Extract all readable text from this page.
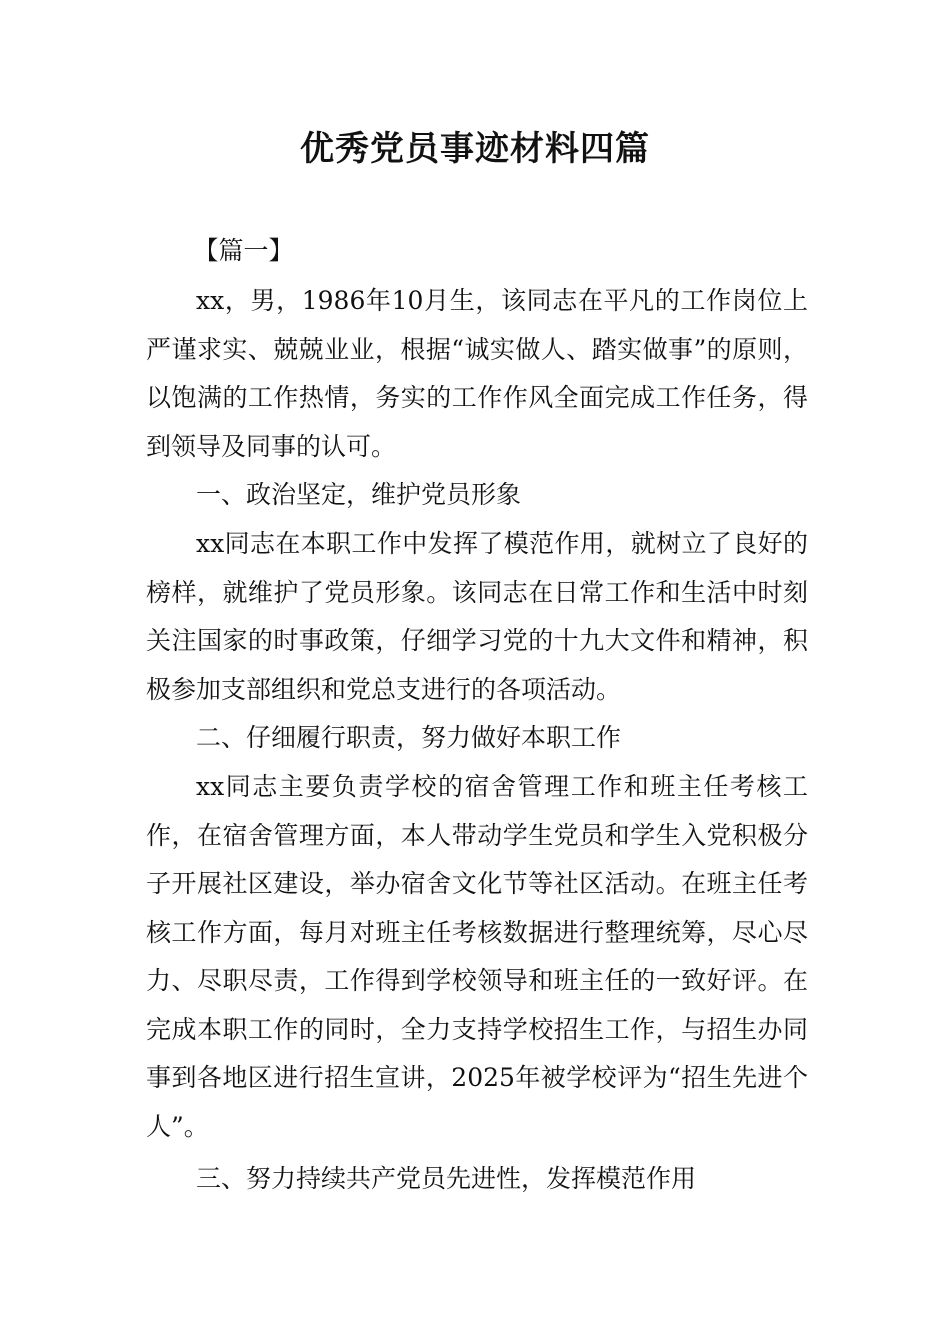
优秀党员事迹材料四篇

【篇一】

xx，男，1986年10月生，该同志在平凡的工作岗位上严谨求实、兢兢业业，根据“诚实做人、踏实做事”的原则，以饱满的工作热情，务实的工作作风全面完成工作任务，得到领导及同事的认可。

一、政治坚定，维护党员形象

xx同志在本职工作中发挥了模范作用，就树立了良好的榜样，就维护了党员形象。该同志在日常工作和生活中时刻关注国家的时事政策，仔细学习党的十九大文件和精神，积极参加支部组织和党总支进行的各项活动。

二、仔细履行职责，努力做好本职工作

xx同志主要负责学校的宿舍管理工作和班主任考核工作，在宿舍管理方面，本人带动学生党员和学生入党积极分子开展社区建设，举办宿舍文化节等社区活动。在班主任考核工作方面，每月对班主任考核数据进行整理统筹，尽心尽力、尽职尽责，工作得到学校领导和班主任的一致好评。在完成本职工作的同时，全力支持学校招生工作，与招生办同事到各地区进行招生宣讲，2025年被学校评为“招生先进个人”。

三、努力持续共产党员先进性，发挥模范作用
